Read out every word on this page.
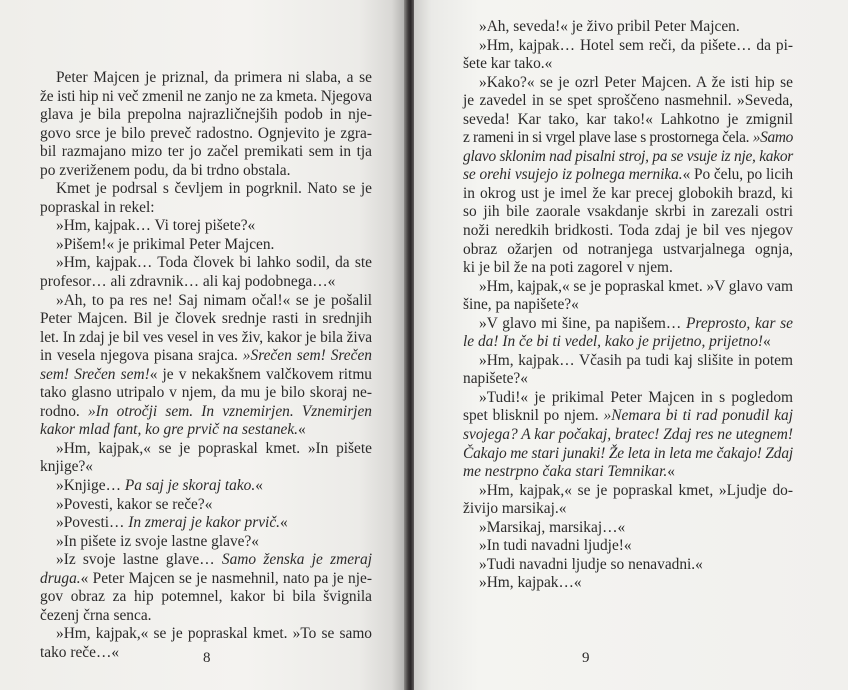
Peter Majcen je priznal, da primera ni slaba, a se
že isti hip ni več zmenil ne zanjo ne za kmeta. Njegova
glava je bila prepolna najrazličnejših podob in nje-
govo srce je bilo preveč radostno. Ognjevito je zgra-
bil razmajano mizo ter jo začel premikati sem in tja
po zveriženem podu, da bi trdno obstala.
Kmet je podrsal s čevljem in pogrknil. Nato se je
popraskal in rekel:
»Hm, kajpak… Vi torej pišete?«
»Pišem!« je prikimal Peter Majcen.
»Hm, kajpak… Toda človek bi lahko sodil, da ste
profesor… ali zdravnik… ali kaj podobnega…«
»Ah, to pa res ne! Saj nimam očal!« se je pošalil
Peter Majcen. Bil je človek srednje rasti in srednjih
let. In zdaj je bil ves vesel in ves živ, kakor je bila živa
in vesela njegova pisana srajca. »Srečen sem! Srečen
sem! Srečen sem!« je v nekakšnem valčkovem ritmu
tako glasno utripalo v njem, da mu je bilo skoraj ne-
rodno. »In otročji sem. In vznemirjen. Vznemirjen
kakor mlad fant, ko gre prvič na sestanek.«
»Hm, kajpak,« se je popraskal kmet. »In pišete
knjige?«
»Knjige… Pa saj je skoraj tako.«
»Povesti, kakor se reče?«
»Povesti… In zmeraj je kakor prvič.«
»In pišete iz svoje lastne glave?«
»Iz svoje lastne glave… Samo ženska je zmeraj
druga.« Peter Majcen se je nasmehnil, nato pa je nje-
gov obraz za hip potemnel, kakor bi bila švignila
čezenj črna senca.
»Hm, kajpak,« se je popraskal kmet. »To se samo
tako reče…«	8
»Ah, seveda!« je živo pribil Peter Majcen.
»Hm, kajpak… Hotel sem reči, da pišete… da pi-
šete kar tako.«
»Kako?« se je ozrl Peter Majcen. A že isti hip se
je zavedel in se spet sproščeno nasmehnil. »Seveda,
seveda! Kar tako, kar tako!« Lahkotno je zmignil
z rameni in si vrgel plave lase s prostornega čela. »Samo
glavo sklonim nad pisalni stroj, pa se vsuje iz nje, kakor
se orehi vsujejo iz polnega mernika.« Po čelu, po licih
in okrog ust je imel že kar precej globokih brazd, ki
so jih bile zaorale vsakdanje skrbi in zarezali ostri
noži neredkih bridkosti. Toda zdaj je bil ves njegov
obraz ožarjen od notranjega ustvarjalnega ognja,
ki je bil že na poti zagorel v njem.
»Hm, kajpak,« se je popraskal kmet. »V glavo vam
šine, pa napišete?«
»V glavo mi šine, pa napišem… Preprosto, kar se
le da! In če bi ti vedel, kako je prijetno, prijetno!«
»Hm, kajpak… Včasih pa tudi kaj slišite in potem
napišete?«
»Tudi!« je prikimal Peter Majcen in s pogledom
spet blisknil po njem. »Nemara bi ti rad ponudil kaj
svojega? A kar počakaj, bratec! Zdaj res ne utegnem!
Čakajo me stari junaki! Že leta in leta me čakajo! Zdaj
me nestrpno čaka stari Temnikar.«
»Hm, kajpak,« se je popraskal kmet, »Ljudje do-
živijo marsikaj.«
»Marsikaj, marsikaj…«
»In tudi navadni ljudje!«
»Tudi navadni ljudje so nenavadni.«
»Hm, kajpak…«
9
